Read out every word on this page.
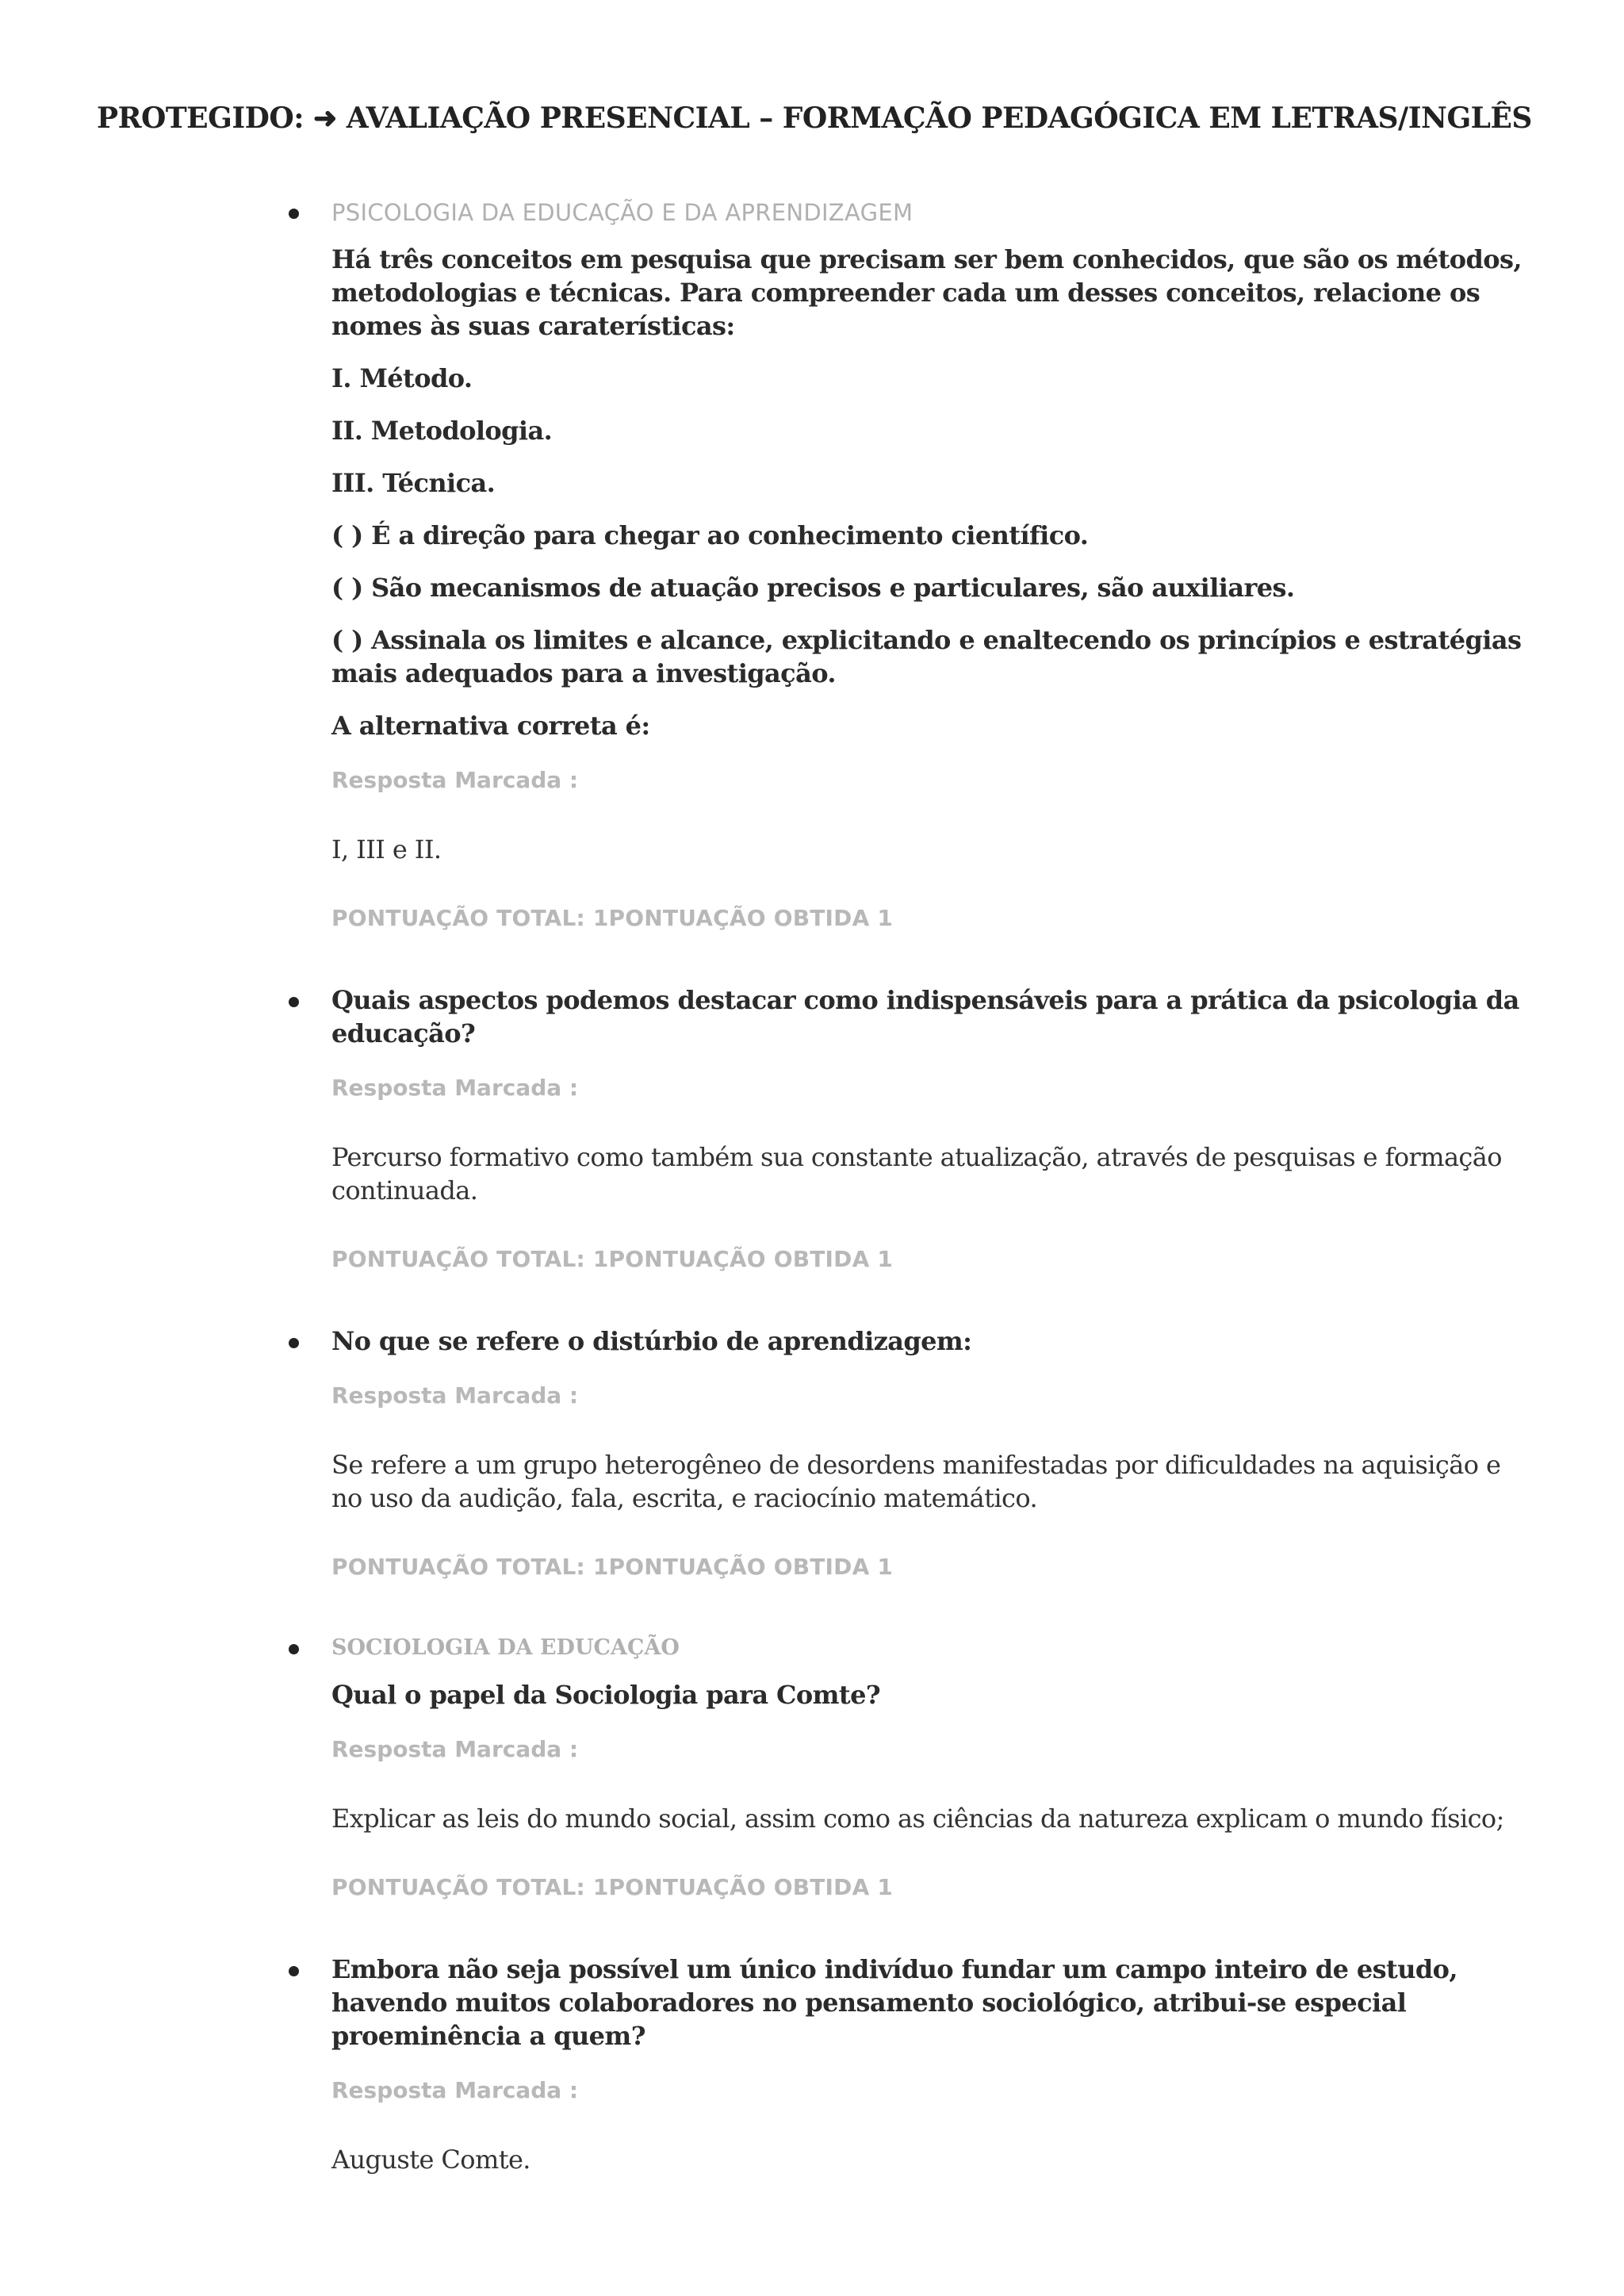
PROTEGIDO: ➜ AVALIAÇÃO PRESENCIAL – FORMAÇÃO PEDAGÓGICA EM LETRAS/INGLÊS
PSICOLOGIA DA EDUCAÇÃO E DA APRENDIZAGEM
Há três conceitos em pesquisa que precisam ser bem conhecidos, que são os métodos, metodologias e técnicas. Para compreender cada um desses conceitos, relacione os nomes às suas caraterísticas:
I. Método.
II. Metodologia.
III. Técnica.
( ) É a direção para chegar ao conhecimento científico.
( ) São mecanismos de atuação precisos e particulares, são auxiliares.
( ) Assinala os limites e alcance, explicitando e enaltecendo os princípios e estratégias mais adequados para a investigação.
A alternativa correta é:
Resposta Marcada :
I, III e II.
PONTUAÇÃO TOTAL: 1PONTUAÇÃO OBTIDA 1
Quais aspectos podemos destacar como indispensáveis para a prática da psicologia da educação?
Resposta Marcada :
Percurso formativo como também sua constante atualização, através de pesquisas e formação continuada.
PONTUAÇÃO TOTAL: 1PONTUAÇÃO OBTIDA 1
No que se refere o distúrbio de aprendizagem:
Resposta Marcada :
Se refere a um grupo heterogêneo de desordens manifestadas por dificuldades na aquisição e no uso da audição, fala, escrita, e raciocínio matemático.
PONTUAÇÃO TOTAL: 1PONTUAÇÃO OBTIDA 1
SOCIOLOGIA DA EDUCAÇÃO
Qual o papel da Sociologia para Comte?
Resposta Marcada :
Explicar as leis do mundo social, assim como as ciências da natureza explicam o mundo físico;
PONTUAÇÃO TOTAL: 1PONTUAÇÃO OBTIDA 1
Embora não seja possível um único indivíduo fundar um campo inteiro de estudo, havendo muitos colaboradores no pensamento sociológico, atribui-se especial proeminência a quem?
Resposta Marcada :
Auguste Comte.
